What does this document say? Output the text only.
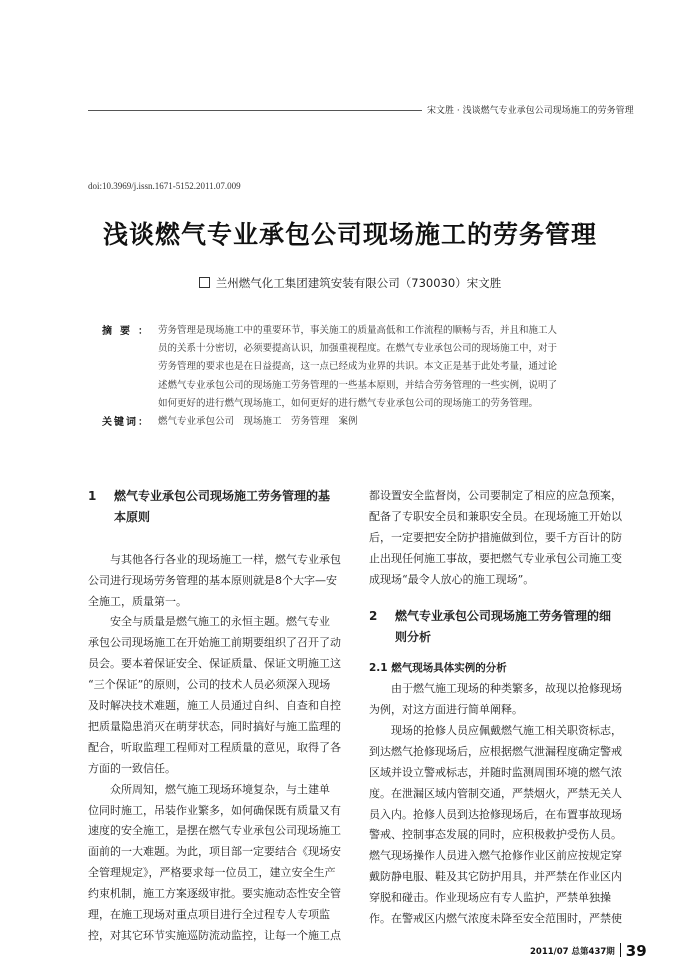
宋文胜 · 浅谈燃气专业承包公司现场施工的劳务管理
doi:10.3969/j.issn.1671-5152.2011.07.009
浅谈燃气专业承包公司现场施工的劳务管理
兰州燃气化工集团建筑安装有限公司（730030）宋文胜
摘要： 劳务管理是现场施工中的重要环节，事关施工的质量高低和工作流程的顺畅与否，并且和施工人
员的关系十分密切，必须要提高认识，加强重视程度。在燃气专业承包公司的现场施工中，对于
劳务管理的要求也是在日益提高，这一点已经成为业界的共识。本文正是基于此处考量，通过论
述燃气专业承包公司的现场施工劳务管理的一些基本原则，并结合劳务管理的一些实例，说明了
如何更好的进行燃气现场施工，如何更好的进行燃气专业承包公司的现场施工的劳务管理。
关键词： 燃气专业承包公司　现场施工　劳务管理　案例
1	燃气专业承包公司现场施工劳务管理的基
本原则
与其他各行各业的现场施工一样，燃气专业承包
公司进行现场劳务管理的基本原则就是8个大字—安
全施工，质量第一。
安全与质量是燃气施工的永恒主题。燃气专业
承包公司现场施工在开始施工前期要组织了召开了动
员会。要本着保证安全、保证质量、保证文明施工这
“三个保证”的原则，公司的技术人员必须深入现场
及时解决技术难题，施工人员通过自纠、自查和自控
把质量隐患消灭在萌芽状态，同时搞好与施工监理的
配合，听取监理工程师对工程质量的意见，取得了各
方面的一致信任。
众所周知，燃气施工现场环境复杂，与土建单
位同时施工，吊装作业繁多，如何确保既有质量又有
速度的安全施工，是摆在燃气专业承包公司现场施工
面前的一大难题。为此，项目部一定要结合《现场安
全管理规定》，严格要求每一位员工，建立安全生产
约束机制，施工方案逐级审批。要实施动态性安全管
理，在施工现场对重点项目进行全过程专人专项监
控，对其它环节实施巡防流动监控，让每一个施工点
都设置安全监督岗，公司要制定了相应的应急预案，
配备了专职安全员和兼职安全员。在现场施工开始以
后，一定要把安全防护措施做到位，要千方百计的防
止出现任何施工事故，要把燃气专业承包公司施工变
成现场“最令人放心的施工现场”。
2	燃气专业承包公司现场施工劳务管理的细
则分析
2.1 燃气现场具体实例的分析
由于燃气施工现场的种类繁多，故现以抢修现场
为例，对这方面进行简单阐释。
现场的抢修人员应佩戴燃气施工相关职资标志，
到达燃气抢修现场后，应根据燃气泄漏程度确定警戒
区域并设立警戒标志，并随时监测周围环境的燃气浓
度。在泄漏区域内管制交通，严禁烟火，严禁无关人
员入内。抢修人员到达抢修现场后，在布置事故现场
警戒、控制事态发展的同时，应积极救护受伤人员。
燃气现场操作人员进入燃气抢修作业区前应按规定穿
戴防静电服、鞋及其它防护用具，并严禁在作业区内
穿脱和碰击。作业现场应有专人监护，严禁单独操
作。在警戒区内燃气浓度未降至安全范围时，严禁使
2011/07 总第437期 39
